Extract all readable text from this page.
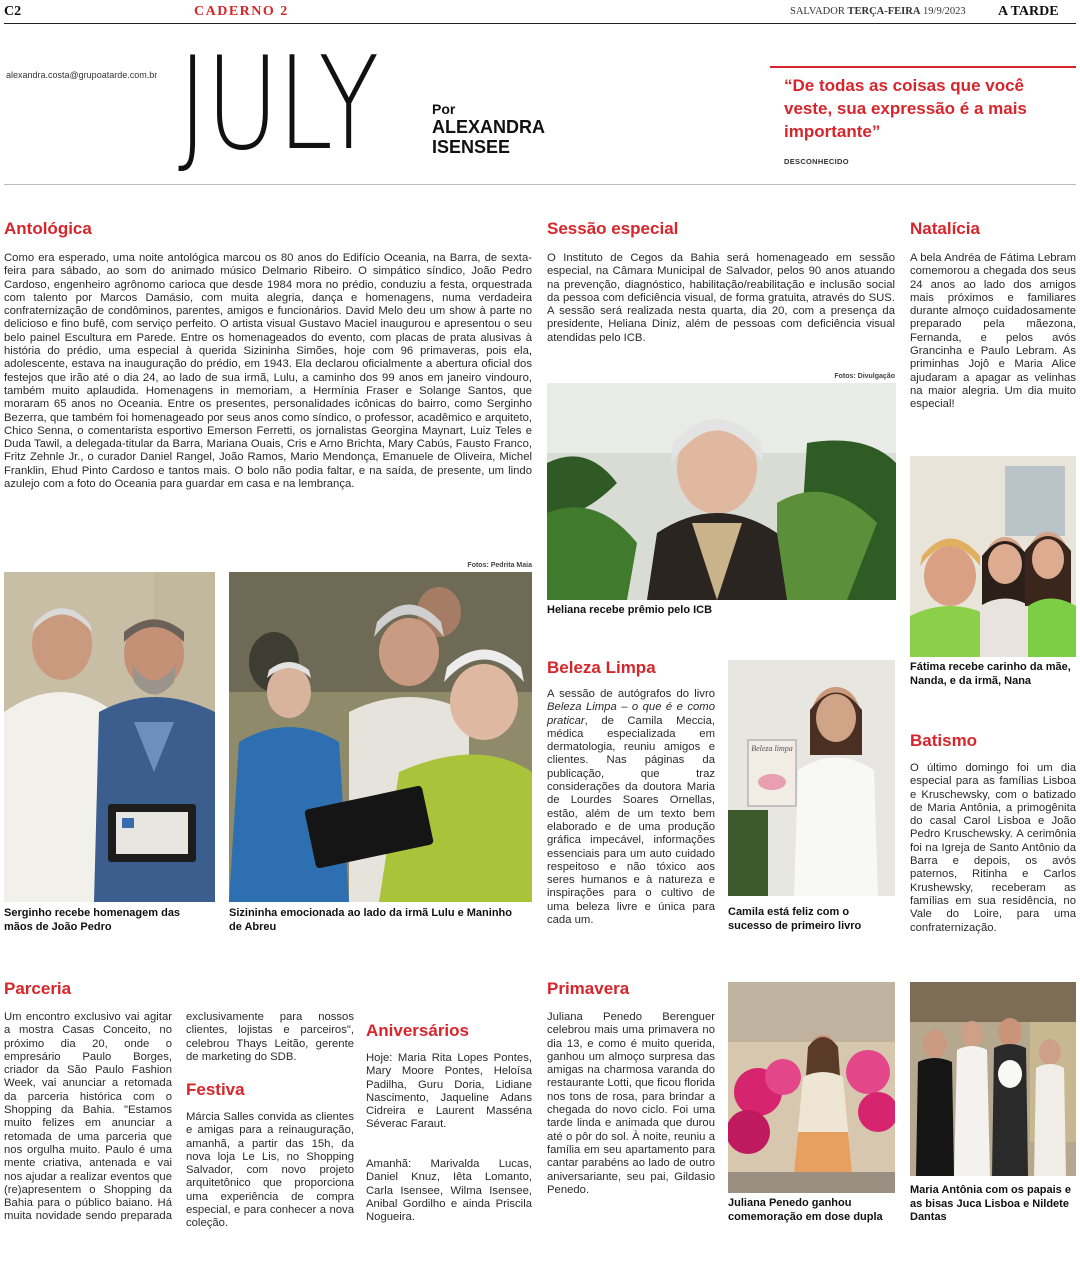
C2	CADERNO 2	SALVADOR TERÇA-FEIRA 19/9/2023 A TARDE
alexandra.costa@grupoatarde.com.br JULY	Por
ALEXANDRA
ISENSEE
“De todas as coisas que você veste, sua expressão é a mais importante”
DESCONHECIDO
Antológica
Como era esperado, uma noite antológica marcou os 80 anos do Edifício Oceania, na Barra, de sexta-feira para sábado, ao som do animado músico Delmario Ribeiro. O simpático síndico, João Pedro Cardoso, engenheiro agrônomo carioca que desde 1984 mora no prédio, conduziu a festa, orquestrada com talento por Marcos Damásio, com muita alegria, dança e homenagens, numa verdadeira confraternização de condôminos, parentes, amigos e funcionários. David Melo deu um show à parte no delicioso e fino bufê, com serviço perfeito. O artista visual Gustavo Maciel inaugurou e apresentou o seu belo painel Escultura em Parede. Entre os homenageados do evento, com placas de prata alusivas à história do prédio, uma especial à querida Sizininha Simões, hoje com 96 primaveras, pois ela, adolescente, estava na inauguração do prédio, em 1943. Ela declarou oficialmente a abertura oficial dos festejos que irão até o dia 24, ao lado de sua irmã, Lulu, a caminho dos 99 anos em janeiro vindouro, também muito aplaudida. Homenagens in memoriam, a Hermínia Fraser e Solange Santos, que moraram 65 anos no Oceania. Entre os presentes, personalidades icônicas do bairro, como Serginho Bezerra, que também foi homenageado por seus anos como síndico, o professor, acadêmico e arquiteto, Chico Senna, o comentarista esportivo Emerson Ferretti, os jornalistas Georgina Maynart, Luiz Teles e Duda Tawil, a delegada-titular da Barra, Mariana Ouais, Cris e Arno Brichta, Mary Cabús, Fausto Franco, Fritz Zehnle Jr., o curador Daniel Rangel, João Ramos, Mario Mendonça, Emanuele de Oliveira, Michel Franklin, Ehud Pinto Cardoso e tantos mais. O bolo não podia faltar, e na saída, de presente, um lindo azulejo com a foto do Oceania para guardar em casa e na lembrança.
Fotos: Pedrita Maia
Serginho recebe homenagem das mãos de João Pedro
Sizininha emocionada ao lado da irmã Lulu e Maninho de Abreu
Sessão especial
O Instituto de Cegos da Bahia será homenageado em sessão especial, na Câmara Municipal de Salvador, pelos 90 anos atuando na prevenção, diagnóstico, habilitação/reabilitação e inclusão social da pessoa com deficiência visual, de forma gratuita, através do SUS. A sessão será realizada nesta quarta, dia 20, com a presença da presidente, Heliana Diniz, além de pessoas com deficiência visual atendidas pelo ICB.
Fotos: Divulgação
Heliana recebe prêmio pelo ICB
Beleza Limpa
A sessão de autógrafos do livro Beleza Limpa – o que é e como praticar, de Camila Meccia, médica especializada em dermatologia, reuniu amigos e clientes. Nas páginas da publicação, que traz considerações da doutora Maria de Lourdes Soares Ornellas, estão, além de um texto bem elaborado e de uma produção gráfica impecável, informações essenciais para um auto cuidado respeitoso e não tóxico aos seres humanos e à natureza e inspirações para o cultivo de uma beleza livre e única para cada um.
Beleza limpa
Camila está feliz com o sucesso de primeiro livro
Natalícia
A bela Andréa de Fátima Lebram comemorou a chegada dos seus 24 anos ao lado dos amigos mais próximos e familiares durante almoço cuidadosamente preparado pela mãezona, Fernanda, e pelos avós Grancinha e Paulo Lebram. As priminhas Jojô e Maria Alice ajudaram a apagar as velinhas na maior alegria. Um dia muito especial!
Fátima recebe carinho da mãe, Nanda, e da irmã, Nana
Batismo
O último domingo foi um dia especial para as famílias Lisboa e Kruschewsky, com o batizado de Maria Antônia, a primogênita do casal Carol Lisboa e João Pedro Kruschewsky. A cerimônia foi na Igreja de Santo Antônio da Barra e depois, os avós paternos, Ritinha e Carlos Krushewsky, receberam as famílias em sua residência, no Vale do Loire, para uma confraternização.
Parceria
Um encontro exclusivo vai agitar a mostra Casas Conceito, no próximo dia 20, onde o empresário Paulo Borges, criador da São Paulo Fashion Week, vai anunciar a retomada da parceria histórica com o Shopping da Bahia. "Estamos muito felizes em anunciar a retomada de uma parceria que nos orgulha muito. Paulo é uma mente criativa, antenada e vai nos ajudar a realizar eventos que (re)apresentem o Shopping da Bahia para o público baiano. Há muita novidade sendo preparada exclusivamente para nossos clientes, lojistas e parceiros", celebrou Thays Leitão, gerente de marketing do SDB.
Festiva
Márcia Salles convida as clientes e amigas para a reinauguração, amanhã, a partir das 15h, da nova loja Le Lis, no Shopping Salvador, com novo projeto arquitetônico que proporciona uma experiência de compra especial, e para conhecer a nova coleção.
Aniversários
Hoje: Maria Rita Lopes Pontes, Mary Moore Pontes, Heloísa Padilha, Guru Doria, Lidiane Nascimento, Jaqueline Adans Cidreira e Laurent Masséna Séverac Faraut.
Amanhã: Marivalda Lucas, Daniel Knuz, Iêta Lomanto, Carla Isensee, Wilma Isensee, Anibal Gordilho e ainda Priscila Nogueira.
Primavera
Juliana Penedo Berenguer celebrou mais uma primavera no dia 13, e como é muito querida, ganhou um almoço surpresa das amigas na charmosa varanda do restaurante Lotti, que ficou florida nos tons de rosa, para brindar a chegada do novo ciclo. Foi uma tarde linda e animada que durou até o pôr do sol. À noite, reuniu a família em seu apartamento para cantar parabéns ao lado de outro aniversariante, seu pai, Gildasio Penedo.
Juliana Penedo ganhou comemoração em dose dupla
Maria Antônia com os papais e as bisas Juca Lisboa e Nildete Dantas
